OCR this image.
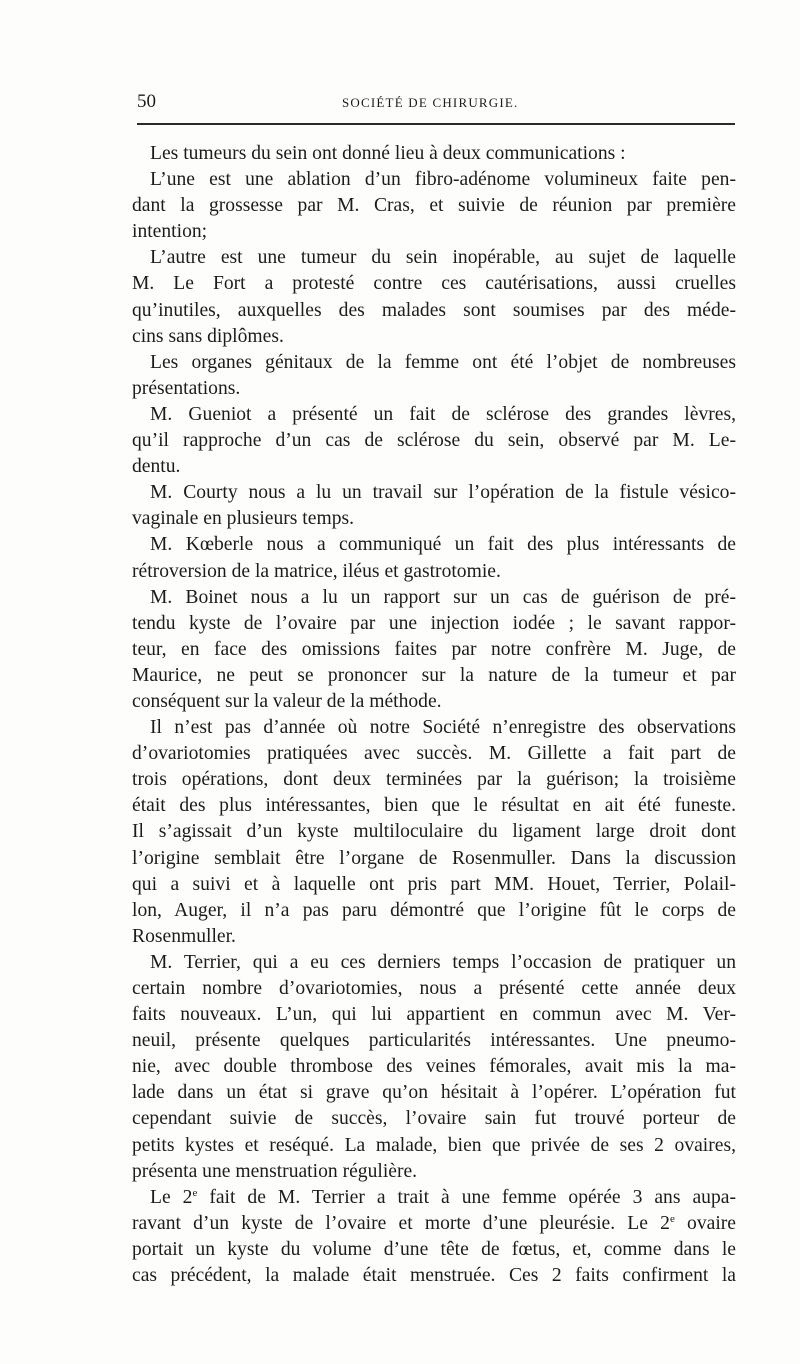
50	SOCIÉTÉ DE CHIRURGIE.
Les tumeurs du sein ont donné lieu à deux communications :
L’une est une ablation d’un fibro-adénome volumineux faite pen-
dant la grossesse par M. Cras, et suivie de réunion par première
intention;
L’autre est une tumeur du sein inopérable, au sujet de laquelle
M. Le Fort a protesté contre ces cautérisations, aussi cruelles
qu’inutiles, auxquelles des malades sont soumises par des méde-
cins sans diplômes.
Les organes génitaux de la femme ont été l’objet de nombreuses
présentations.
M. Gueniot a présenté un fait de sclérose des grandes lèvres,
qu’il rapproche d’un cas de sclérose du sein, observé par M. Le-
dentu.
M. Courty nous a lu un travail sur l’opération de la fistule vésico-
vaginale en plusieurs temps.
M. Kœberle nous a communiqué un fait des plus intéressants de
rétroversion de la matrice, iléus et gastrotomie.
M. Boinet nous a lu un rapport sur un cas de guérison de pré-
tendu kyste de l’ovaire par une injection iodée ; le savant rappor-
teur, en face des omissions faites par notre confrère M. Juge, de
Maurice, ne peut se prononcer sur la nature de la tumeur et par
conséquent sur la valeur de la méthode.
Il n’est pas d’année où notre Société n’enregistre des observations
d’ovariotomies pratiquées avec succès. M. Gillette a fait part de
trois opérations, dont deux terminées par la guérison; la troisième
était des plus intéressantes, bien que le résultat en ait été funeste.
Il s’agissait d’un kyste multiloculaire du ligament large droit dont
l’origine semblait être l’organe de Rosenmuller. Dans la discussion
qui a suivi et à laquelle ont pris part MM. Houet, Terrier, Polail-
lon, Auger, il n’a pas paru démontré que l’origine fût le corps de
Rosenmuller.
M. Terrier, qui a eu ces derniers temps l’occasion de pratiquer un
certain nombre d’ovariotomies, nous a présenté cette année deux
faits nouveaux. L’un, qui lui appartient en commun avec M. Ver-
neuil, présente quelques particularités intéressantes. Une pneumo-
nie, avec double thrombose des veines fémorales, avait mis la ma-
lade dans un état si grave qu’on hésitait à l’opérer. L’opération fut
cependant suivie de succès, l’ovaire sain fut trouvé porteur de
petits kystes et reséqué. La malade, bien que privée de ses 2 ovaires,
présenta une menstruation régulière.
Le 2e fait de M. Terrier a trait à une femme opérée 3 ans aupa-
ravant d’un kyste de l’ovaire et morte d’une pleurésie. Le 2e ovaire
portait un kyste du volume d’une tête de fœtus, et, comme dans le
cas précédent, la malade était menstruée. Ces 2 faits confirment la
